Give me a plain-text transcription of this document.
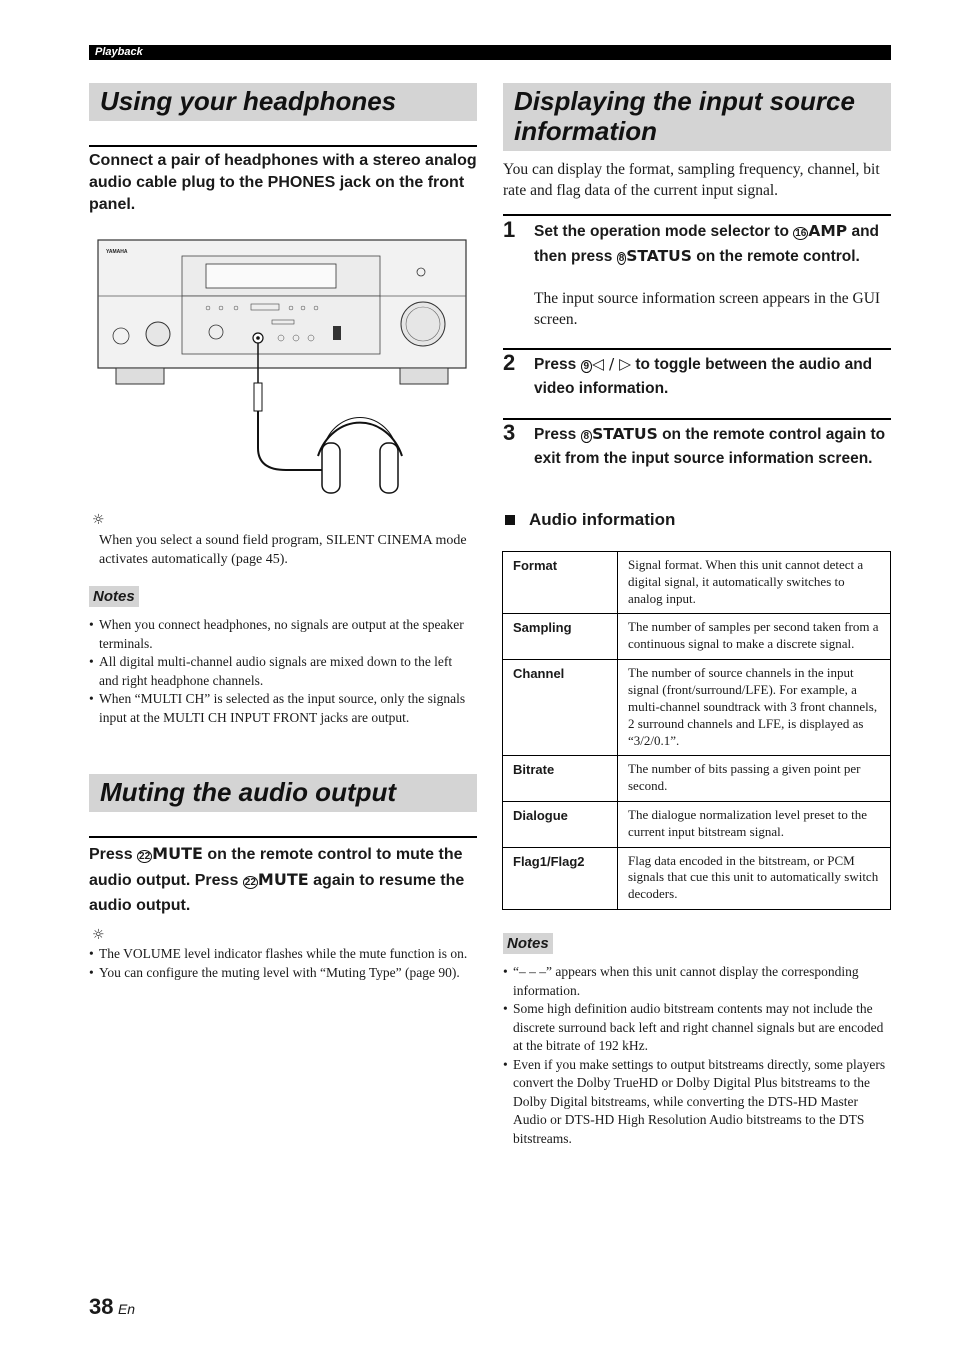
Playback
Using your headphones

Connect a pair of headphones with a stereo analog audio cable plug to the PHONES jack on the front panel.

YAMAHA
☼
When you select a sound field program, SILENT CINEMA mode activates automatically (page 45).
Notes
• When you connect headphones, no signals are output at the speaker terminals.
• All digital multi-channel audio signals are mixed down to the left and right headphone channels.
• When “MULTI CH” is selected as the input source, only the signals input at the MULTI CH INPUT FRONT jacks are output.
Muting the audio output

Press 22 MUTE on the remote control to mute the audio output. Press 22 MUTE again to resume the audio output.

☼
• The VOLUME level indicator flashes while the mute function is on.
• You can configure the muting level with “Muting Type” (page 90).
Displaying the input source
information
You can display the format, sampling frequency, channel, bit rate and flag data of the current input signal.
1 Set the operation mode selector to 16 AMP and then press 8 STATUS on the remote control.

The input source information screen appears in the GUI screen.
2 Press 9 ◁ / ▷ to toggle between the audio and video information.

3 Press 8 STATUS on the remote control again to exit from the input source information screen.

Audio information
Format	Signal format. When this unit cannot detect a digital signal, it automatically switches to analog input.
Sampling	The number of samples per second taken from a continuous signal to make a discrete signal.
Channel	The number of source channels in the input signal (front/surround/LFE). For example, a multi-channel soundtrack with 3 front channels, 2 surround channels and LFE, is displayed as “3/2/0.1”.
Bitrate	The number of bits passing a given point per second.
Dialogue	The dialogue normalization level preset to the current input bitstream signal.
Flag1/Flag2	Flag data encoded in the bitstream, or PCM signals that cue this unit to automatically switch decoders.
Notes
• “– – –” appears when this unit cannot display the corresponding information.
• Some high definition audio bitstream contents may not include the discrete surround back left and right channel signals but are encoded at the bitrate of 192 kHz.
• Even if you make settings to output bitstreams directly, some players convert the Dolby TrueHD or Dolby Digital Plus bitstreams to the Dolby Digital bitstreams, while converting the DTS-HD Master Audio or DTS-HD High Resolution Audio bitstreams to the DTS bitstreams.
38 En
